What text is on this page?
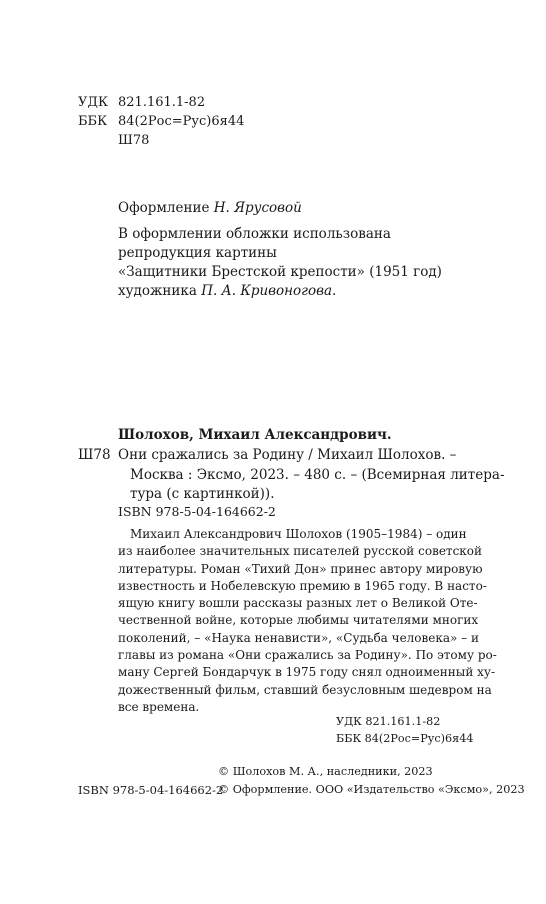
УДК 821.161.1-82
ББК 84(2Рос=Рус)6я44
Ш78
Оформление Н. Ярусовой
В оформлении обложки использована
репродукция картины
«Защитники Брестской крепости» (1951 год)
художника П. А. Кривоногова.
Шолохов, Михаил Александрович.
Ш78 Они сражались за Родину / Михаил Шолохов. –
Москва : Эксмо, 2023. – 480 с. – (Всемирная литера-
тура (с картинкой)).
ISBN 978-5-04-164662-2
Михаил Александрович Шолохов (1905–1984) – один
из наиболее значительных писателей русской советской
литературы. Роман «Тихий Дон» принес автору мировую
известность и Нобелевскую премию в 1965 году. В насто-
ящую книгу вошли рассказы разных лет о Великой Оте-
чественной войне, которые любимы читателями многих
поколений, – «Наука ненависти», «Судьба человека» – и
главы из романа «Они сражались за Родину». По этому ро-
ману Сергей Бондарчук в 1975 году снял одноименный ху-
дожественный фильм, ставший безусловным шедевром на
все времена.
УДК 821.161.1-82
ББК 84(2Рос=Рус)6я44
ISBN 978-5-04-164662-2
© Шолохов М. А., наследники, 2023
© Оформление. ООО «Издательство «Эксмо», 2023
